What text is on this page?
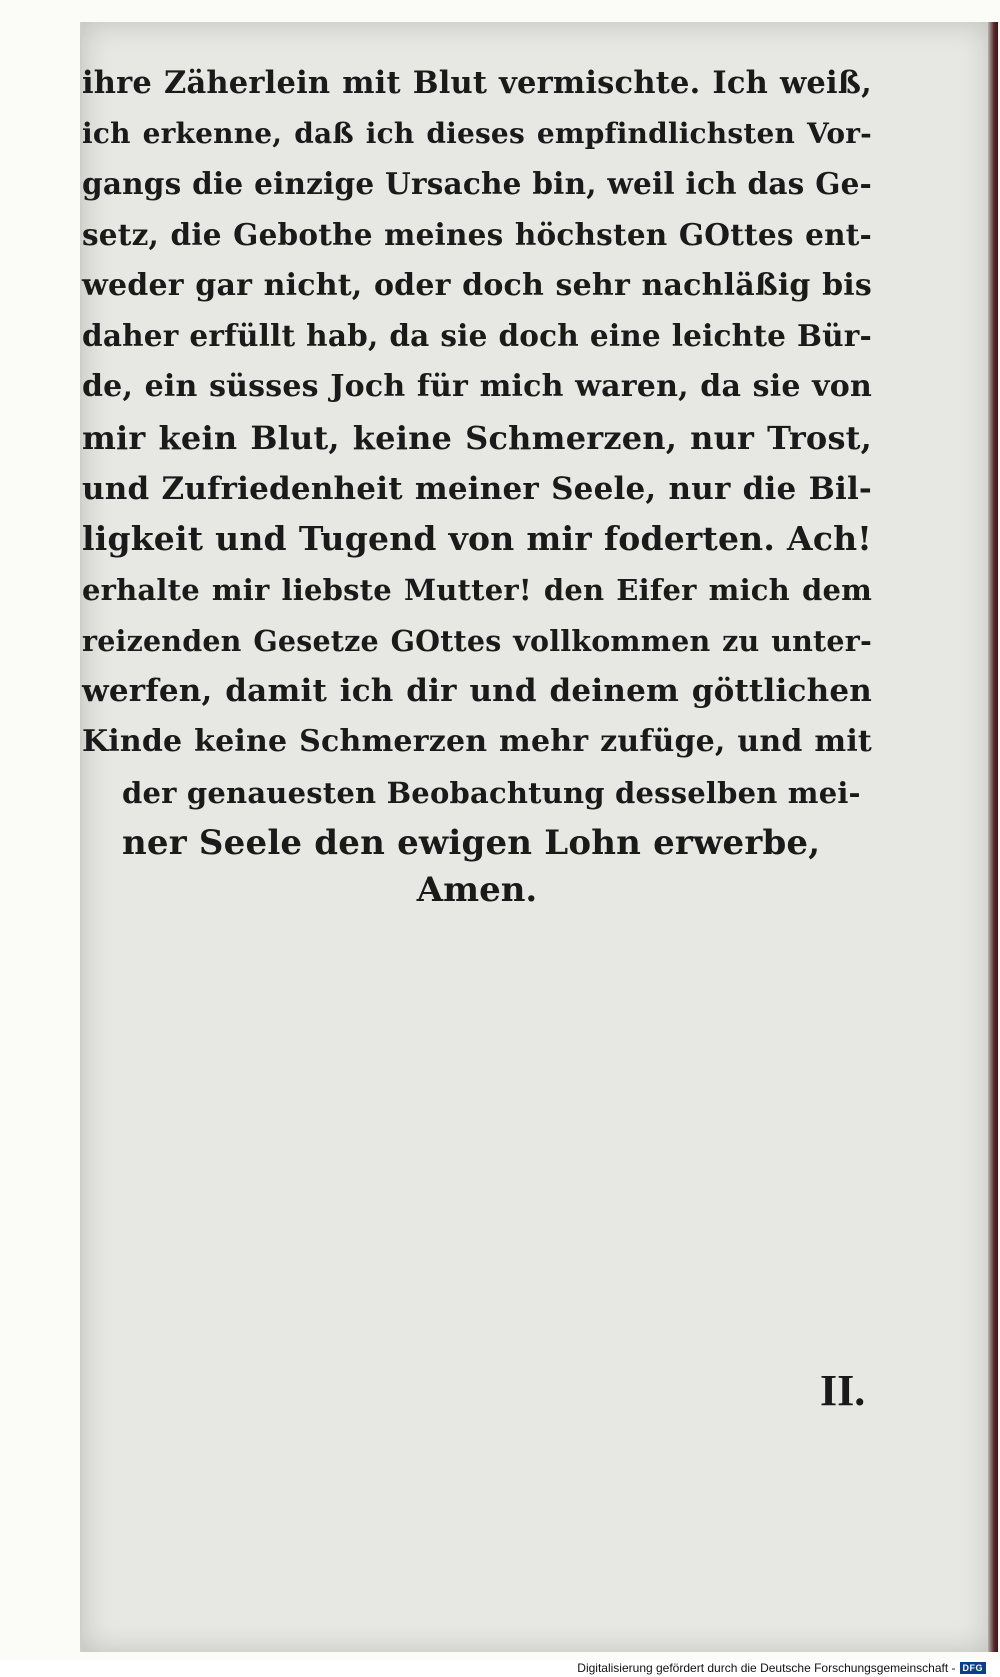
ihre Zäherlein mit Blut vermischte. Ich weiß,
ich erkenne, daß ich dieses empfindlichsten Vor-
gangs die einzige Ursache bin, weil ich das Ge-
setz, die Gebothe meines höchsten GOttes ent-
weder gar nicht, oder doch sehr nachläßig bis
daher erfüllt hab, da sie doch eine leichte Bür-
de, ein süsses Joch für mich waren, da sie von
mir kein Blut, keine Schmerzen, nur Trost,
und Zufriedenheit meiner Seele, nur die Bil-
ligkeit und Tugend von mir foderten. Ach!
erhalte mir liebste Mutter! den Eifer mich dem
reizenden Gesetze GOttes vollkommen zu unter-
werfen, damit ich dir und deinem göttlichen
Kinde keine Schmerzen mehr zufüge, und mit
der genauesten Beobachtung desselben mei-
ner Seele den ewigen Lohn erwerbe,
Amen.
II.
Digitalisierung gefördert durch die Deutsche Forschungsgemeinschaft - DFG
